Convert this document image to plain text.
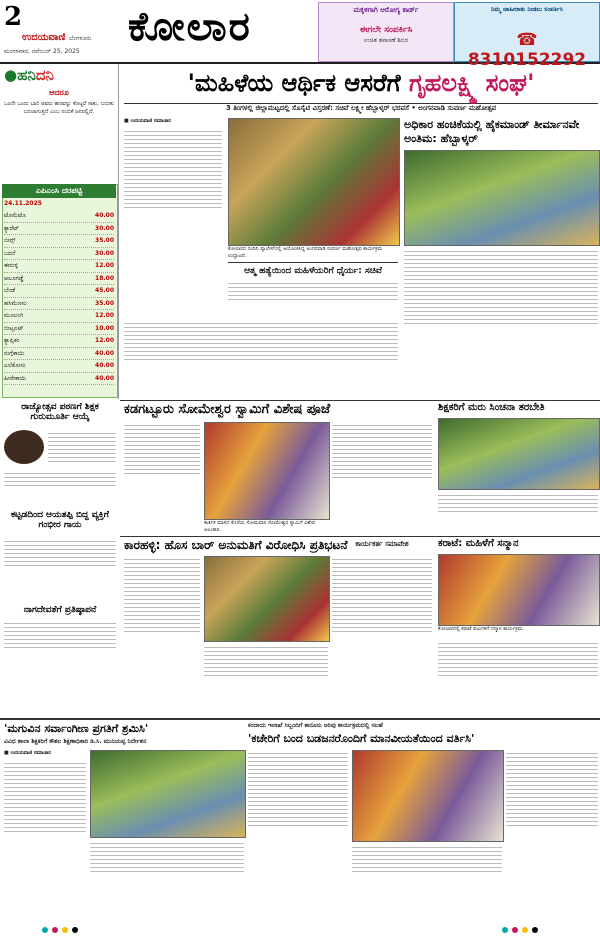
2
ಉದಯವಾಣಿ ಬೆಂಗಳೂರು
ಮಂಗಳವಾರ, ನವೆಂಬರ್ 25, 2025
ಕೋಲಾರ	ಮಕ್ಕಳಿಗಾಗಿ ಆರೋಗ್ಯ ಕಾರ್ಡ್
ಈಗಲೇ ಸಂಪರ್ಕಿಸಿ
ಉಚಿತ ತಪಾಸಣೆ ಶಿಬಿರ
ನಿಮ್ಮ ಜಾಹೀರಾತು ನೀಡಲು ಸಂಪರ್ಕಿಸಿ
☎ 8310152292
●ಹನಿದನಿ
ಆದರೂ
ಒಂದೇ ಒಂದು ಬಾರಿ ಅವರು ಹಣವನ್ನು ಕೊಟ್ಟರೆ ಸಾಕು, ಬದುಕು ಬದಲಾಗುತ್ತದೆ ಎಂಬ ನಂಬಿಕೆ ಜನರಲ್ಲಿದೆ.
ಎಪಿಎಂಸಿ ದರಪಟ್ಟಿ
24.11.2025
ಟೊಮೆಟೊ	40.00
ಕ್ಯಾರೆಟ್	30.00
ಬೀನ್ಸ್	35.00
ಬದನೆ	30.00
ಈರುಳ್ಳಿ	12.00
ಆಲೂಗಡ್ಡೆ	18.00
ಬೆಂಡೆ	45.00
ಹಸಿಮೆಣಸು	35.00
ಮೂಲಂಗಿ	12.00
ಬೀಟ್ರೂಟ್	10.00
ಕ್ಯಾಪ್ಸಿಕಂ	12.00
ನುಗ್ಗೆಕಾಯಿ	40.00
ಎಲೆಕೋಸು	40.00
ಹೀರೇಕಾಯಿ	40.00
ರಾಜ್ಯೋತ್ಸವ ಪಠಣಗೆ ಶಿಕ್ಷಕ ಗುರುಮೂರ್ತಿ ಆಯ್ಕೆ
ಕಟ್ಟಡದಿಂದ ಆಯತಪ್ಪಿ ಬಿದ್ದ ವ್ಯಕ್ತಿಗೆ ಗಂಭೀರ ಗಾಯ
ನಾಗದೇವತೆಗೆ ಪ್ರತಿಷ್ಠಾಪನೆ
'ಮಹಿಳೆಯ ಆರ್ಥಿಕ ಆಸರೆಗೆ ಗೃಹಲಕ್ಷ್ಮಿ ಸಂಘ'
3 ತಿಂಗಳಲ್ಲಿ ಜಿಲ್ಲಾಮಟ್ಟದಲ್ಲಿ ಸೊಸೈಟಿ ವಿಸ್ತರಣೆ: ಸಚಿವೆ ಲಕ್ಷ್ಮೀ ಹೆಬ್ಬಾಳ್ಕರ್ ಭರವಸೆ • ಅಂಗನವಾಡಿ ಸುವರ್ಣ ಮಹೋತ್ಸವ
■ ಉದಯವಾಣಿ ಸಮಾಚಾರ
ಕೋಲಾರದ ನಂದಿನಿ ಪ್ಯಾಲೇಸ್‌ನಲ್ಲಿ ಆಯೋಜಿಸಿದ್ದ ಅಂಗನವಾಡಿ ಸುವರ್ಣ ಮಹೋತ್ಸವ ಕಾರ್ಯಕ್ರಮ ಉದ್ಘಾಟನೆ.
ಆತ್ಮ ಹತ್ಯೆಯಿಂದ ಮಹಿಳೆಯರಿಗೆ ಧೈರ್ಯ: ಸಚಿವೆ
ಅಧಿಕಾರ ಹಂಚಿಕೆಯಲ್ಲಿ ಹೈಕಮಾಂಡ್ ತೀರ್ಮಾನವೇ ಅಂತಿಮ: ಹೆಬ್ಬಾಳ್ಕರ್
ಕಡಗಟ್ಟೂರು ಸೋಮೇಶ್ವರ ಸ್ವಾಮಿಗೆ ವಿಶೇಷ ಪೂಜೆ
ಕಾರ್ತಿಕ ಮಾಸದ ಕೊನೆಯ ಸೋಮವಾರ ಸೋಮೇಶ್ವರ ಸ್ವಾಮಿಗೆ ವಿಶೇಷ ಅಲಂಕಾರ.
ಶಿಕ್ಷಕರಿಗೆ ಮರು ಸಿಂಚನಾ ತರಬೇತಿ
ಕಾರಹಳ್ಳಿ: ಹೊಸ ಬಾರ್ ಅನುಮತಿಗೆ ವಿರೋಧಿಸಿ ಪ್ರತಿಭಟನೆ	ಕಾರ್ಯಕರ್ತ ಸಮಾವೇಶ	ಕರಾಟೆ: ಮಹಿಳೆಗೆ ಸನ್ಮಾನ
ಕೋಲಾರದಲ್ಲಿ ಕರಾಟೆ ಪಟುಗಳಿಗೆ ಸನ್ಮಾನ ಕಾರ್ಯಕ್ರಮ.
'ಮಗುವಿನ ಸರ್ವಾಂಗೀಣ ಪ್ರಗತಿಗೆ ಶ್ರಮಿಸಿ'
ವಿವಿಧ ಶಾಲಾ ಶಿಕ್ಷಕರಿಗೆ ಕೌಶಲ ಶಿಕ್ಷಣಾಧಿಕಾರಿ ಡಿ.ಸಿ. ಮುನಿಯಪ್ಪ ನಿರ್ದೇಶನ
■ ಉದಯವಾಣಿ ಸಮಾಚಾರ
ಕಂದಾಯ ಇಲಾಖೆ ಸಿಬ್ಬಂದಿಗೆ ಕಾನೂನು ಅರಿವು ಕಾರ್ಯಕ್ರಮದಲ್ಲಿ ಸಲಹೆ
'ಕಚೇರಿಗೆ ಬಂದ ಬಡಜನರೊಂದಿಗೆ ಮಾನವೀಯತೆಯಿಂದ ವರ್ತಿಸಿ'
